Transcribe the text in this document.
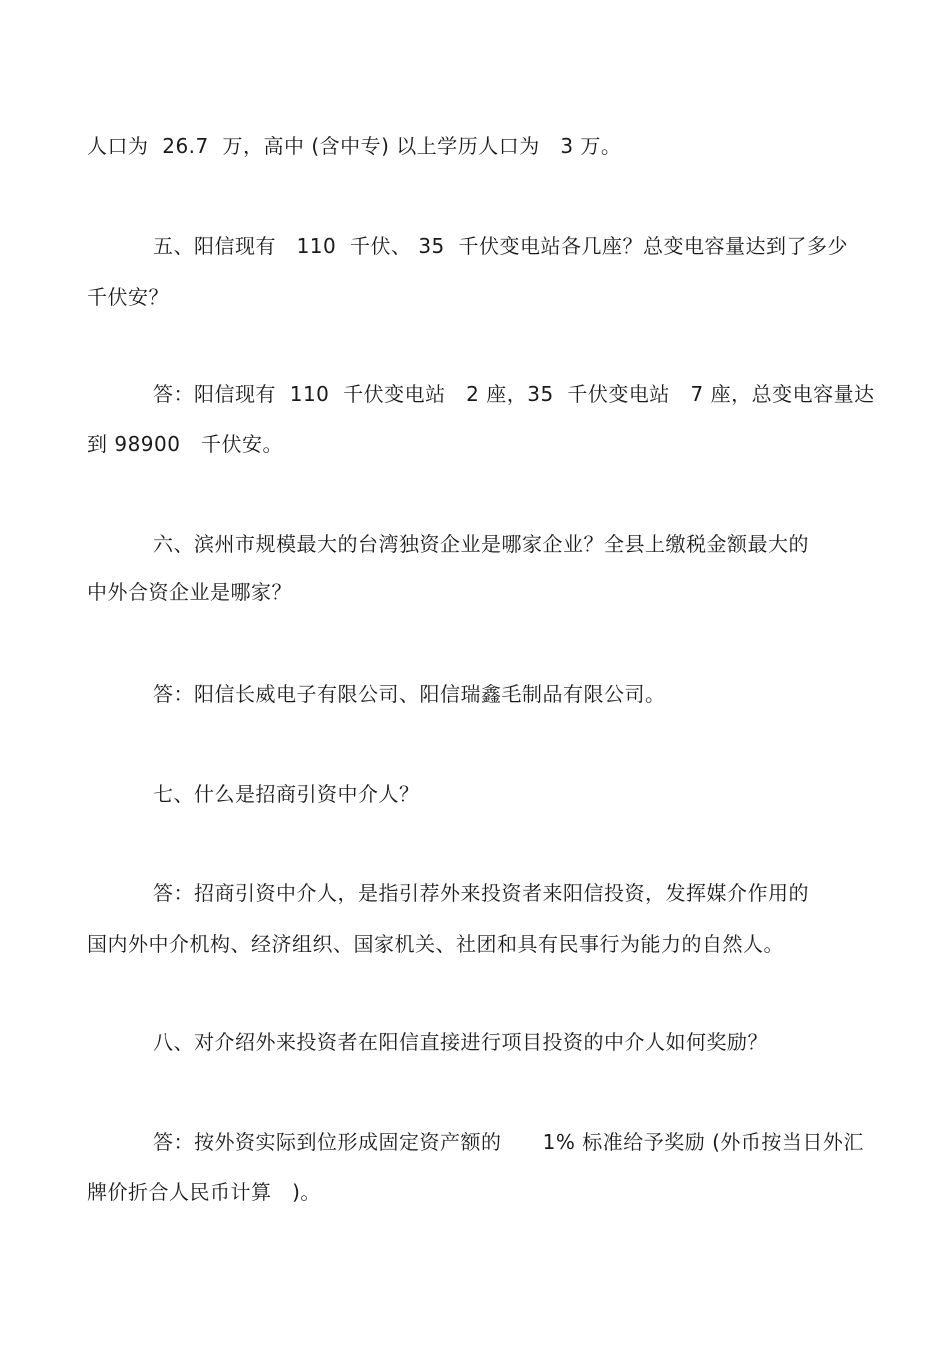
人口为  26.7  万，高中 (含中专) 以上学历人口为   3 万。
五、阳信现有   110  千伏、 35  千伏变电站各几座？总变电容量达到了多少
千伏安？
答：阳信现有  110  千伏变电站   2 座，35  千伏变电站   7 座，总变电容量达
到 98900   千伏安。
六、滨州市规模最大的台湾独资企业是哪家企业？全县上缴税金额最大的
中外合资企业是哪家？
答：阳信长威电子有限公司、阳信瑞鑫毛制品有限公司。
七、什么是招商引资中介人？
答：招商引资中介人，是指引荐外来投资者来阳信投资，发挥媒介作用的
国内外中介机构、经济组织、国家机关、社团和具有民事行为能力的自然人。
八、对介绍外来投资者在阳信直接进行项目投资的中介人如何奖励？
答：按外资实际到位形成固定资产额的      1% 标准给予奖励 (外币按当日外汇
牌价折合人民币计算   )。
